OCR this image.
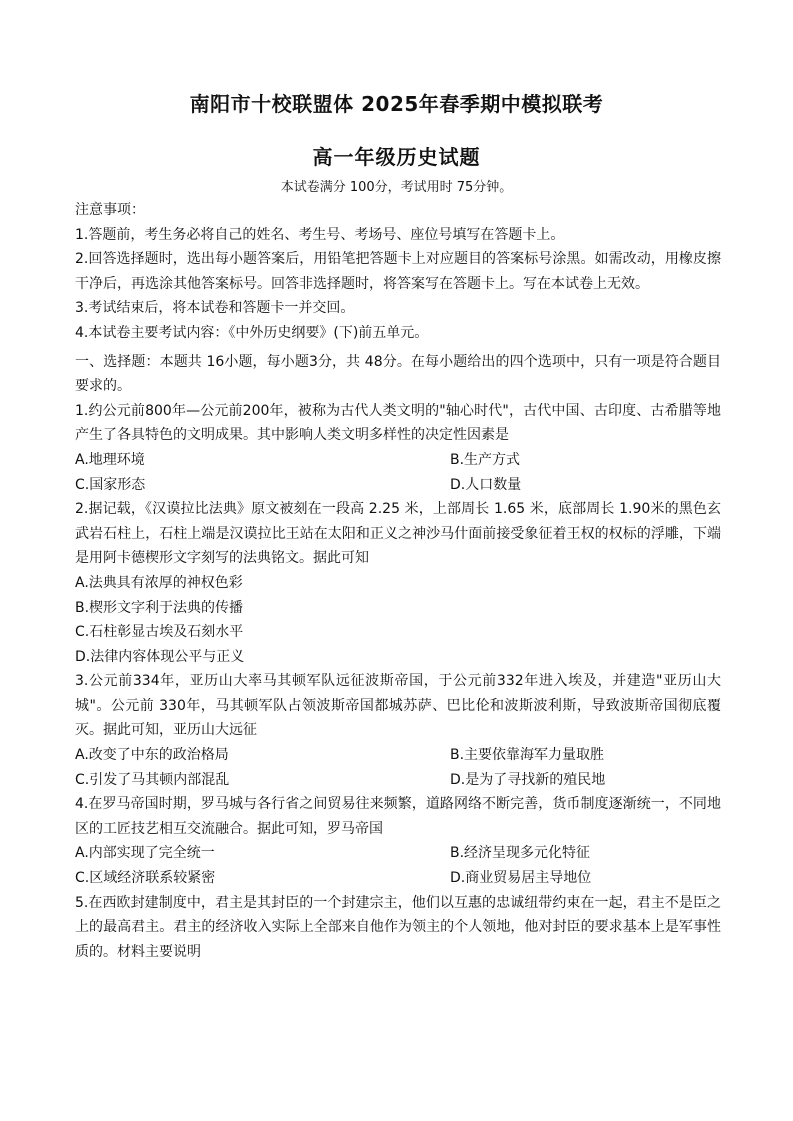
南阳市十校联盟体 2025年春季期中模拟联考
高一年级历史试题
本试卷满分 100分，考试用时 75分钟。

注意事项：

1.答题前，考生务必将自己的姓名、考生号、考场号、座位号填写在答题卡上。

2.回答选择题时，选出每小题答案后，用铅笔把答题卡上对应题目的答案标号涂黑。如需改动，用橡皮擦干净后，再选涂其他答案标号。回答非选择题时，将答案写在答题卡上。写在本试卷上无效。

3.考试结束后，将本试卷和答题卡一并交回。

4.本试卷主要考试内容：《中外历史纲要》(下)前五单元。

一、选择题：本题共 16小题，每小题3分，共 48分。在每小题给出的四个选项中，只有一项是符合题目要求的。

1.约公元前800年—公元前200年，被称为古代人类文明的"轴心时代"，古代中国、古印度、古希腊等地产生了各具特色的文明成果。其中影响人类文明多样性的决定性因素是

A.地理环境	B.生产方式
C.国家形态	D.人口数量

2.据记载，《汉谟拉比法典》原文被刻在一段高 2.25 米，上部周长 1.65 米，底部周长 1.90米的黑色玄武岩石柱上，石柱上端是汉谟拉比王站在太阳和正义之神沙马什面前接受象征着王权的权标的浮雕，下端是用阿卡德楔形文字刻写的法典铭文。据此可知

A.法典具有浓厚的神权色彩

B.楔形文字利于法典的传播

C.石柱彰显古埃及石刻水平

D.法律内容体现公平与正义

3.公元前334年，亚历山大率马其顿军队远征波斯帝国，于公元前332年进入埃及，并建造"亚历山大城"。公元前 330年，马其顿军队占领波斯帝国都城苏萨、巴比伦和波斯波利斯，导致波斯帝国彻底覆灭。据此可知，亚历山大远征

A.改变了中东的政治格局	B.主要依靠海军力量取胜
C.引发了马其顿内部混乱	D.是为了寻找新的殖民地

4.在罗马帝国时期，罗马城与各行省之间贸易往来频繁，道路网络不断完善，货币制度逐渐统一，不同地区的工匠技艺相互交流融合。据此可知，罗马帝国

A.内部实现了完全统一	B.经济呈现多元化特征
C.区域经济联系较紧密	D.商业贸易居主导地位

5.在西欧封建制度中，君主是其封臣的一个封建宗主，他们以互惠的忠诚纽带约束在一起，君主不是臣之上的最高君主。君主的经济收入实际上全部来自他作为领主的个人领地，他对封臣的要求基本上是军事性质的。材料主要说明
